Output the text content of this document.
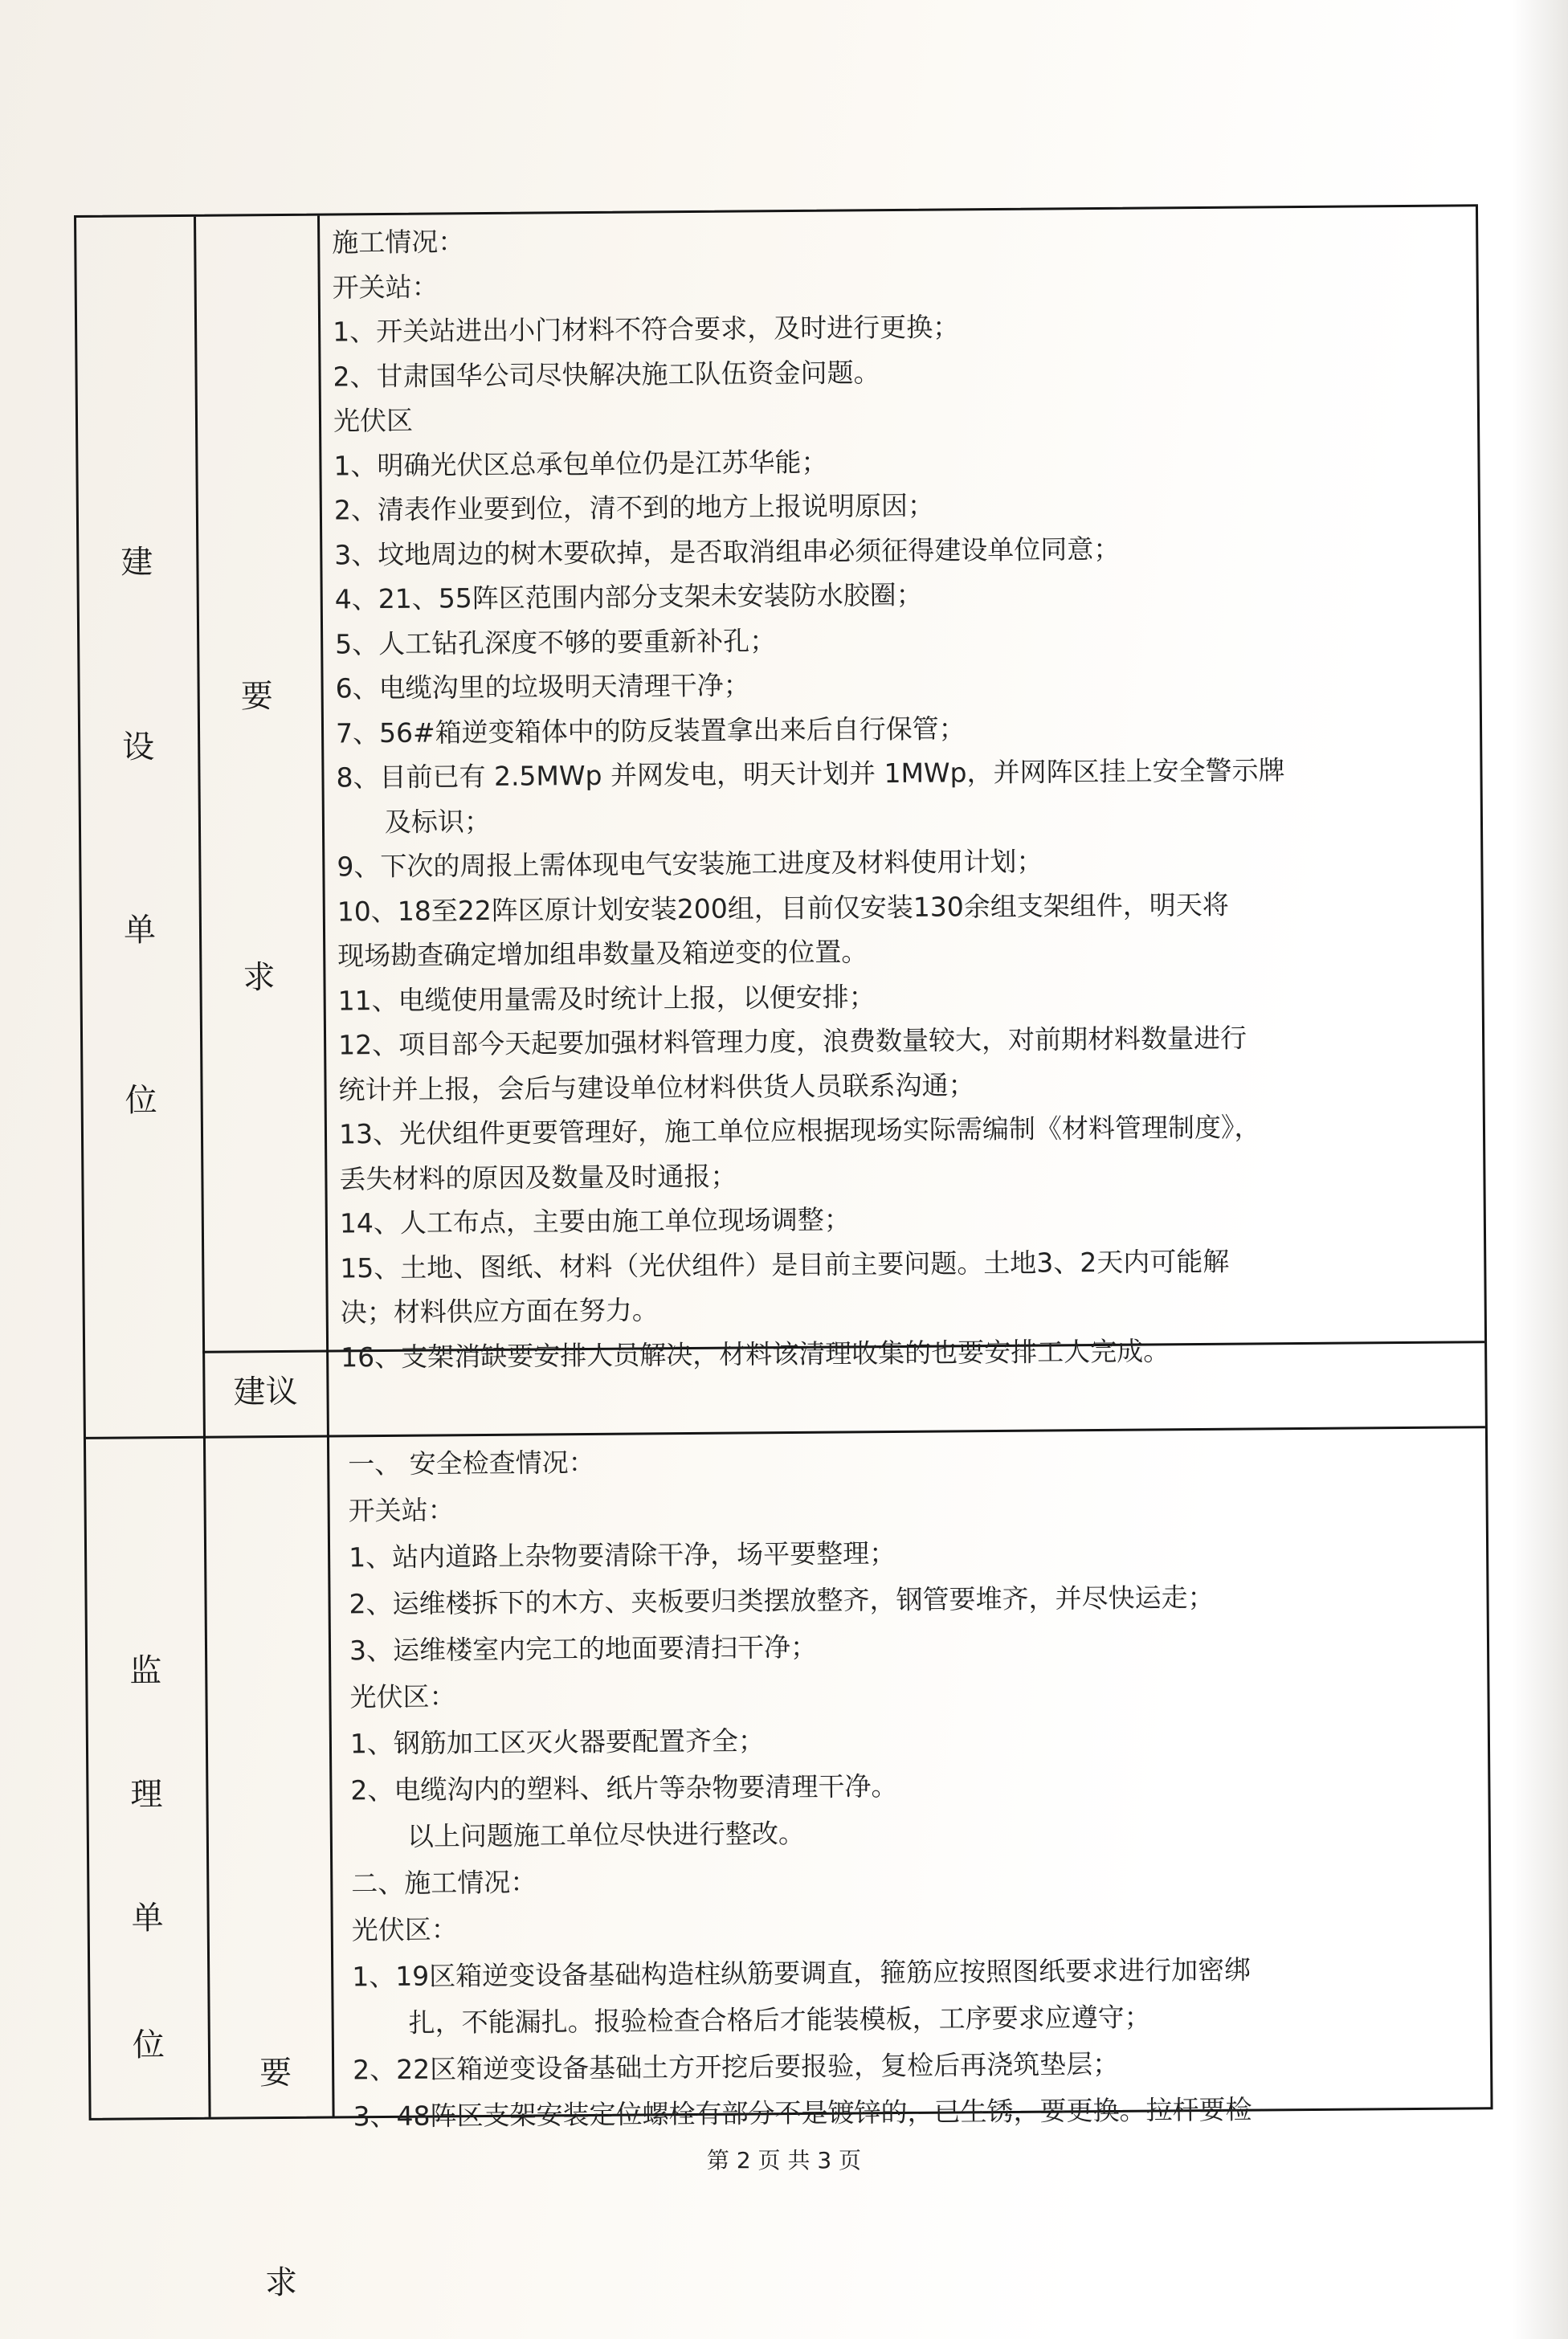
建
设
单
位
要
求
建议
施工情况：
开关站：
1、开关站进出小门材料不符合要求，及时进行更换；
2、甘肃国华公司尽快解决施工队伍资金问题。
光伏区
1、明确光伏区总承包单位仍是江苏华能；
2、清表作业要到位，清不到的地方上报说明原因；
3、坟地周边的树木要砍掉，是否取消组串必须征得建设单位同意；
4、21、55阵区范围内部分支架未安装防水胶圈；
5、人工钻孔深度不够的要重新补孔；
6、电缆沟里的垃圾明天清理干净；
7、56#箱逆变箱体中的防反装置拿出来后自行保管；
8、目前已有 2.5MWp 并网发电，明天计划并 1MWp，并网阵区挂上安全警示牌
及标识；
9、下次的周报上需体现电气安装施工进度及材料使用计划；
10、18至22阵区原计划安装200组，目前仅安装130余组支架组件，明天将
现场勘查确定增加组串数量及箱逆变的位置。
11、电缆使用量需及时统计上报，以便安排；
12、项目部今天起要加强材料管理力度，浪费数量较大，对前期材料数量进行
统计并上报，会后与建设单位材料供货人员联系沟通；
13、光伏组件更要管理好，施工单位应根据现场实际需编制《材料管理制度》，
丢失材料的原因及数量及时通报；
14、人工布点，主要由施工单位现场调整；
15、土地、图纸、材料（光伏组件）是目前主要问题。土地3、2天内可能解
决；材料供应方面在努力。
16、支架消缺要安排人员解决，材料该清理收集的也要安排工人完成。
监
理
单
位
要
一、 安全检查情况：
开关站：
1、站内道路上杂物要清除干净，场平要整理；
2、运维楼拆下的木方、夹板要归类摆放整齐，钢管要堆齐，并尽快运走；
3、运维楼室内完工的地面要清扫干净；
光伏区：
1、钢筋加工区灭火器要配置齐全；
2、电缆沟内的塑料、纸片等杂物要清理干净。
以上问题施工单位尽快进行整改。
二、施工情况：
光伏区：
1、19区箱逆变设备基础构造柱纵筋要调直，箍筋应按照图纸要求进行加密绑
扎，不能漏扎。报验检查合格后才能装模板，工序要求应遵守；
2、22区箱逆变设备基础土方开挖后要报验，复检后再浇筑垫层；
3、48阵区支架安装定位螺栓有部分不是镀锌的，已生锈，要更换。拉杆要检
第 2 页 共 3 页
求
